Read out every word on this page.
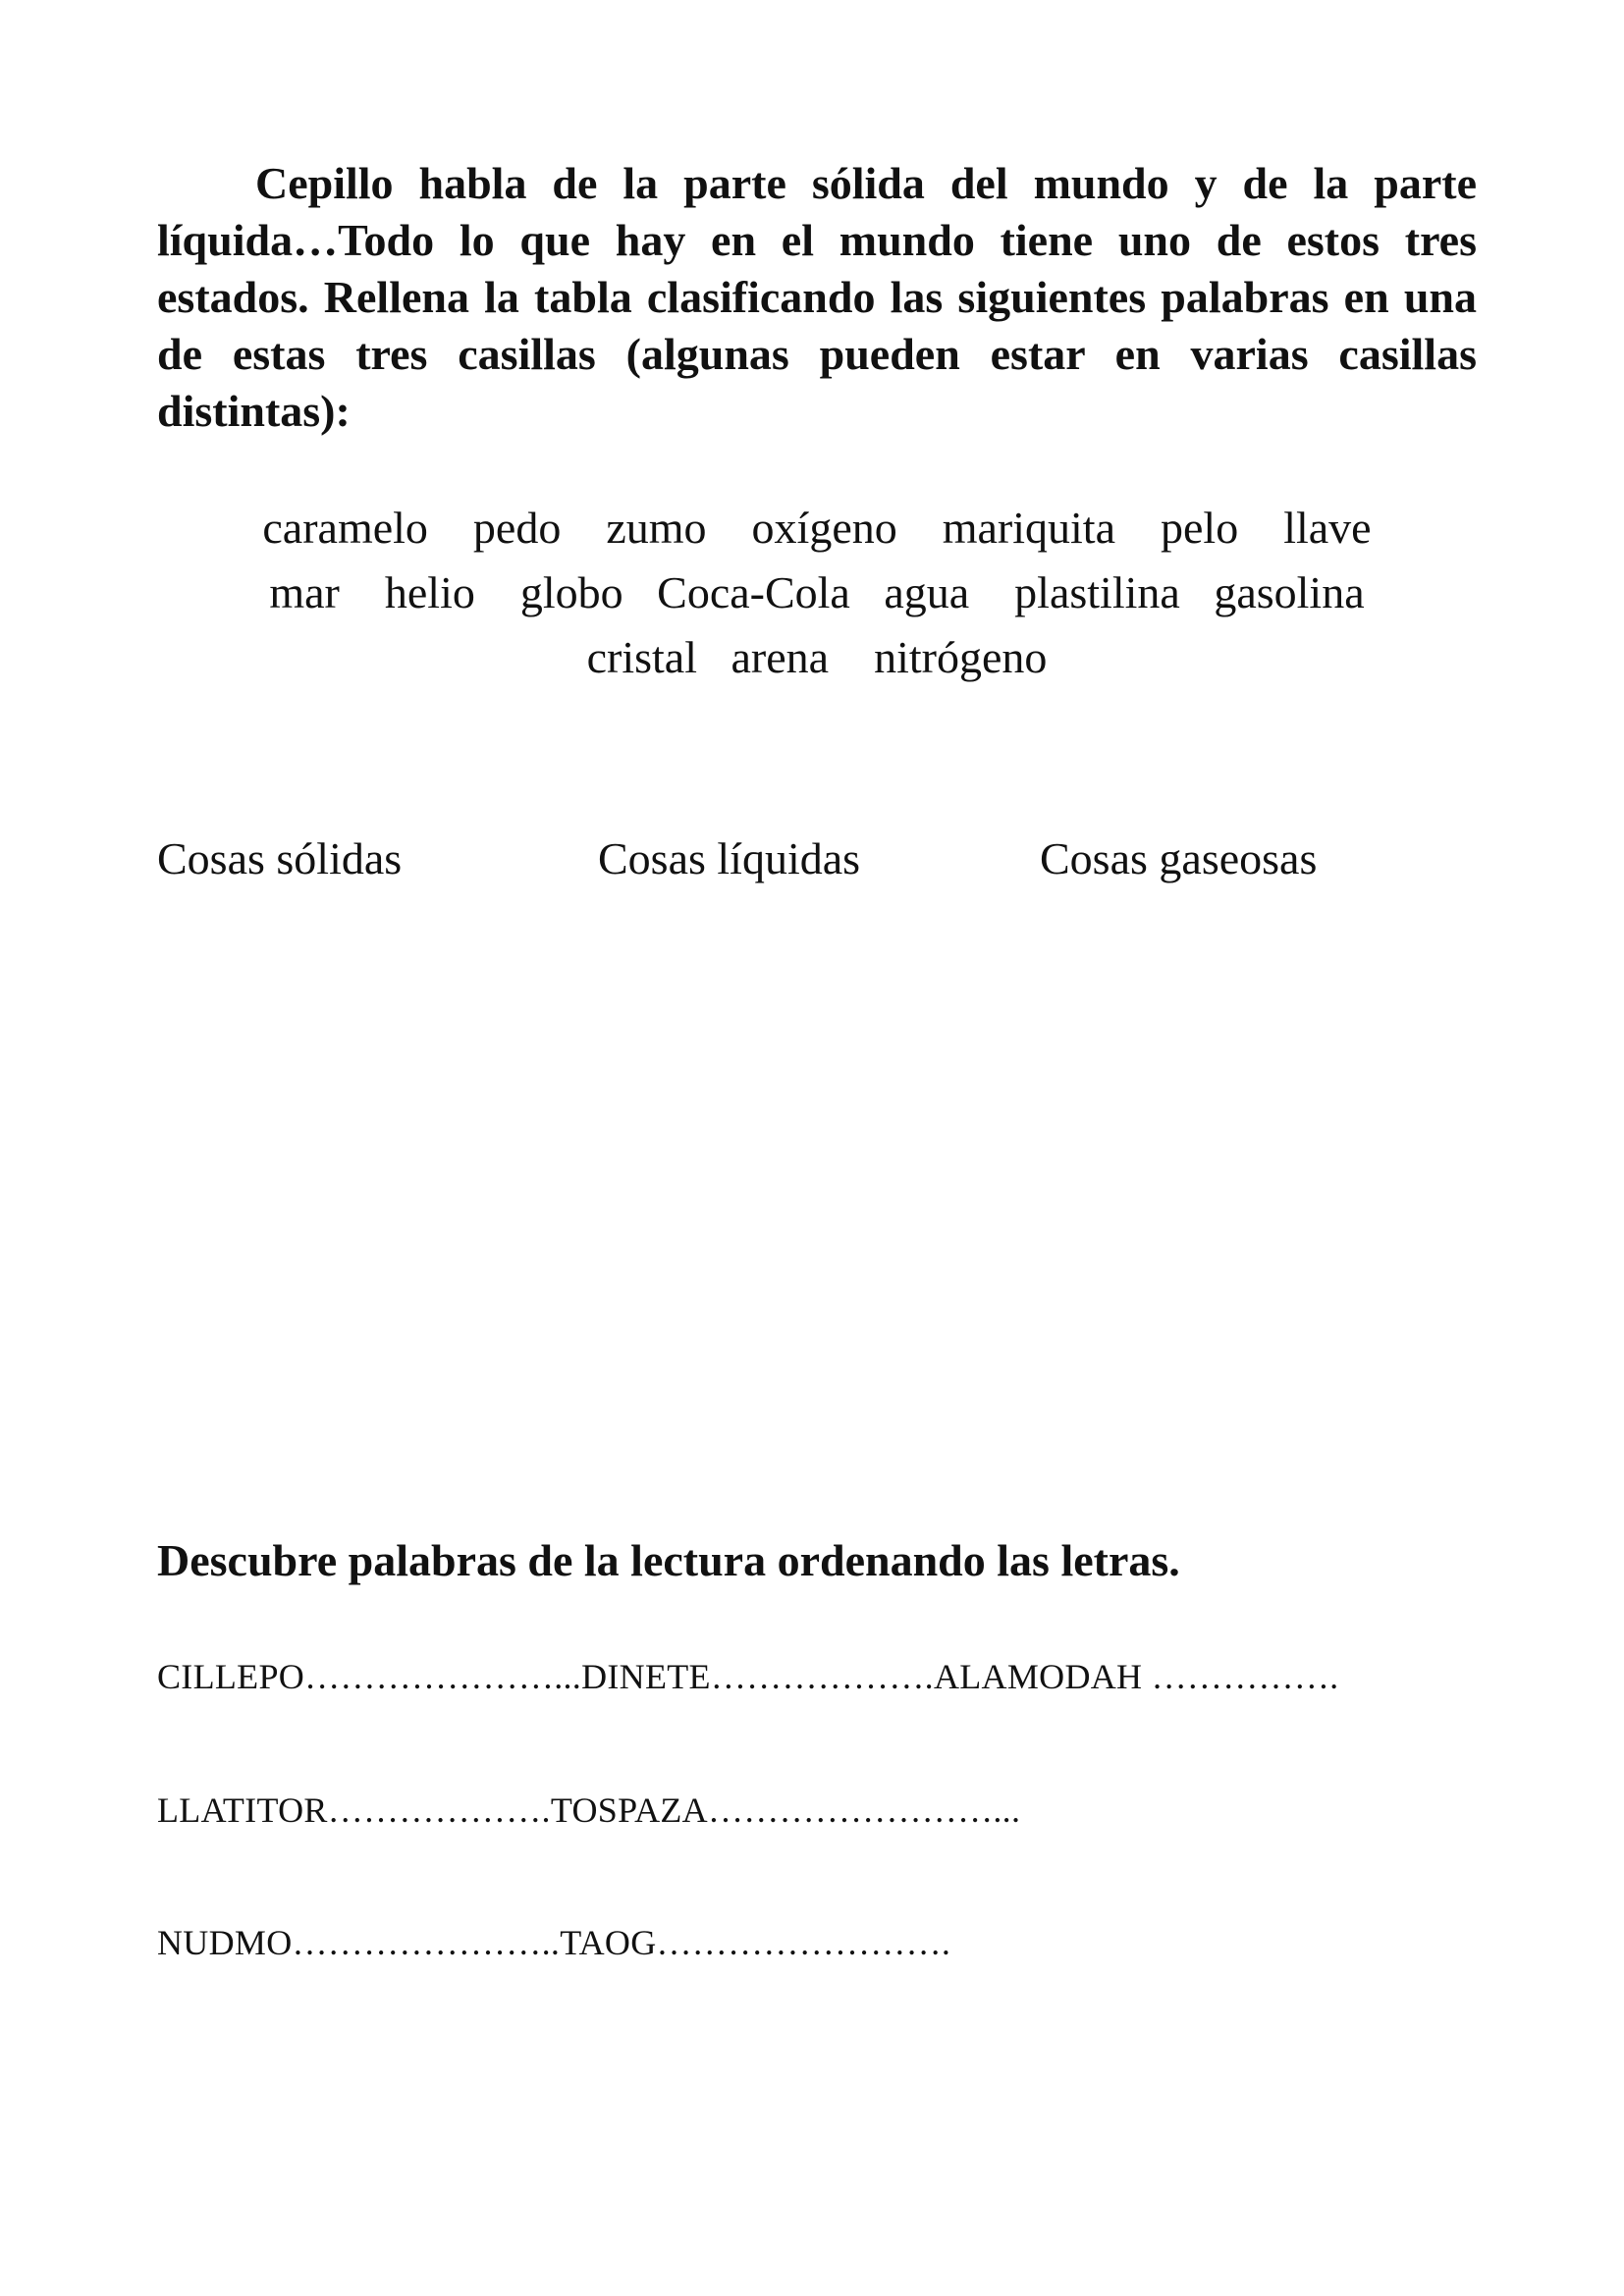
Cepillo habla de la parte sólida del mundo y de la parte líquida…Todo lo que hay en el mundo tiene uno de estos tres estados. Rellena la tabla clasificando las siguientes palabras en una de estas tres casillas (algunas pueden estar en varias casillas distintas):

caramelo    pedo    zumo    oxígeno    mariquita    pelo    llave
mar    helio    globo   Coca-Cola   agua    plastilina   gasolina
cristal   arena    nitrógeno
Cosas sólidas	Cosas líquidas	Cosas gaseosas

Descubre palabras de la lectura ordenando las letras.

CILLEPO…………………...DINETE……………….ALAMODAH …………….
LLATITOR……………….TOSPAZA……………………...
NUDMO…………………..TAOG…………………….
